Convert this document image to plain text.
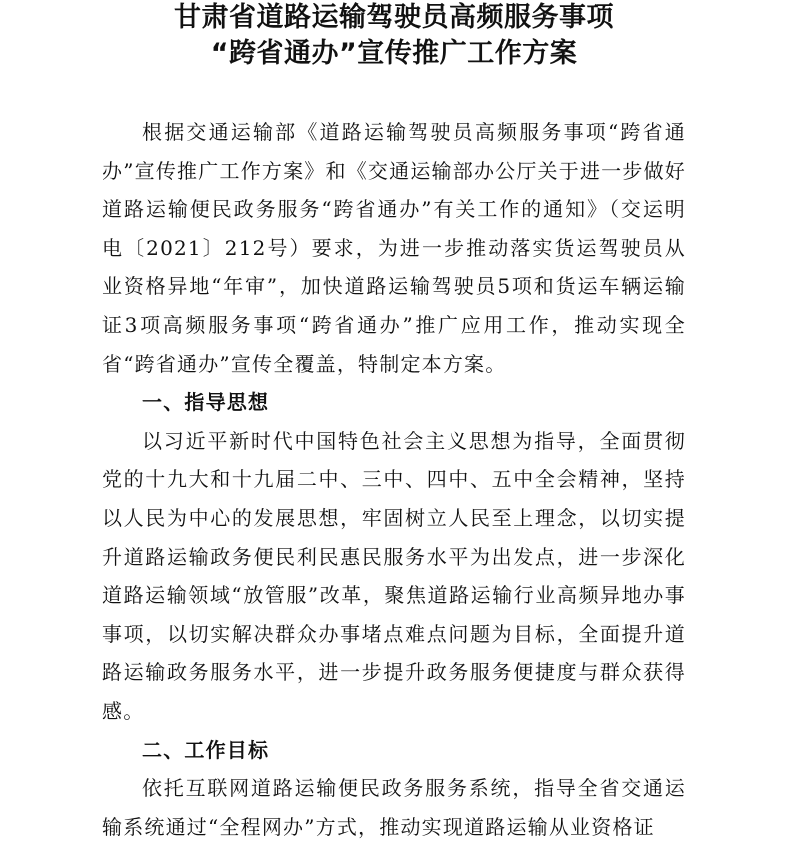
甘肃省道路运输驾驶员高频服务事项
“跨省通办”宣传推广工作方案

根据交通运输部《道路运输驾驶员高频服务事项“跨省通办”宣传推广工作方案》和《交通运输部办公厅关于进一步做好道路运输便民政务服务“跨省通办”有关工作的通知》（交运明电〔2021〕212号）要求，为进一步推动落实货运驾驶员从业资格异地“年审”，加快道路运输驾驶员5项和货运车辆运输证3项高频服务事项“跨省通办”推广应用工作，推动实现全省“跨省通办”宣传全覆盖，特制定本方案。

一、指导思想

以习近平新时代中国特色社会主义思想为指导，全面贯彻党的十九大和十九届二中、三中、四中、五中全会精神，坚持以人民为中心的发展思想，牢固树立人民至上理念，以切实提升道路运输政务便民利民惠民服务水平为出发点，进一步深化道路运输领域“放管服”改革，聚焦道路运输行业高频异地办事事项，以切实解决群众办事堵点难点问题为目标，全面提升道路运输政务服务水平，进一步提升政务服务便捷度与群众获得感。

二、工作目标

依托互联网道路运输便民政务服务系统，指导全省交通运输系统通过“全程网办”方式，推动实现道路运输从业资格证
